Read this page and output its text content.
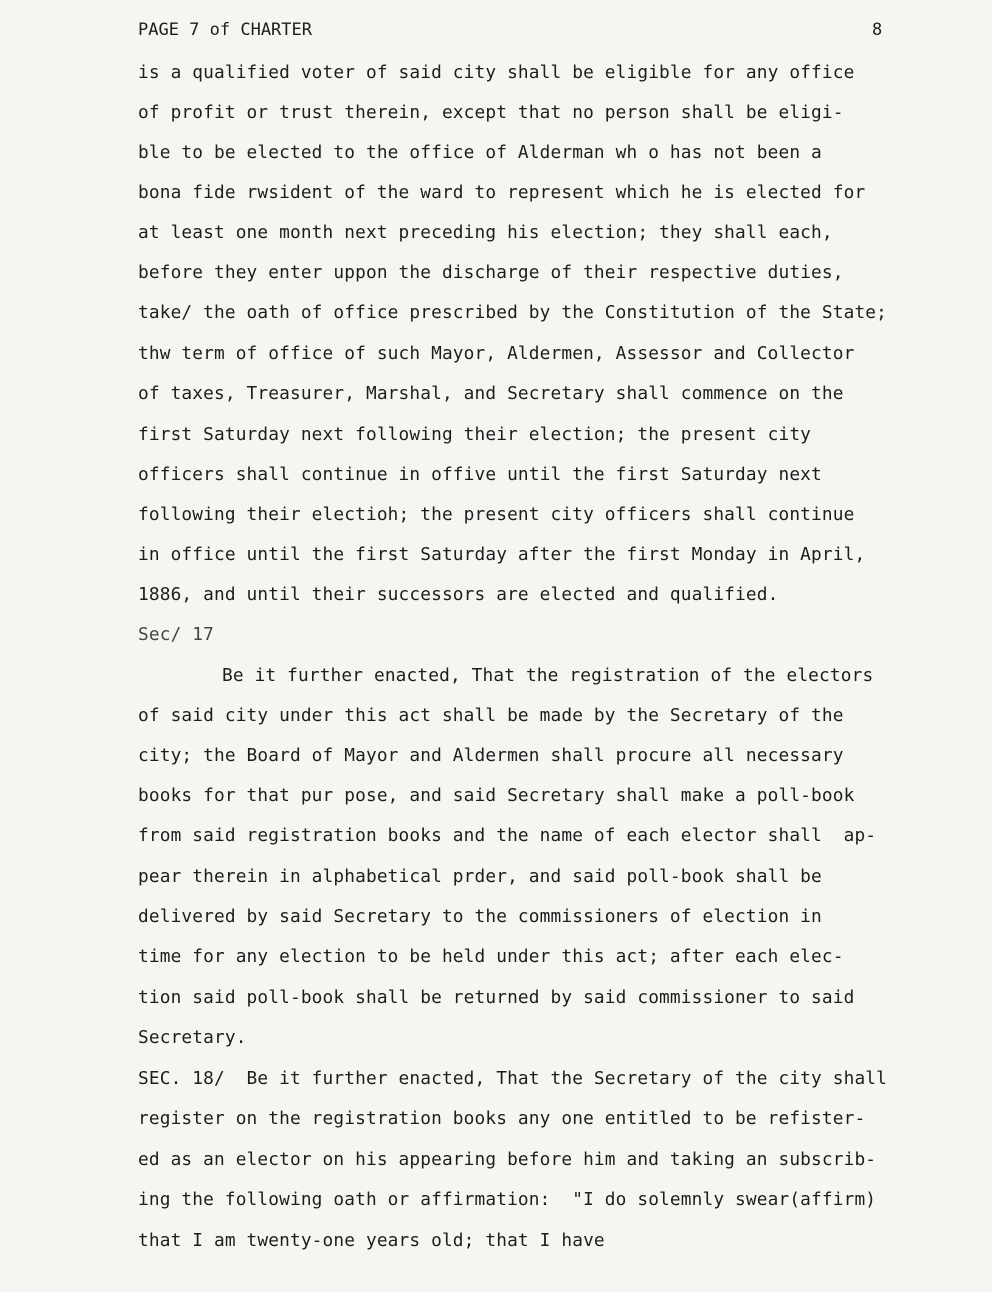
PAGE 7 of CHARTER	8
is a qualified voter of said city shall be eligible for any office
of profit or trust therein, except that no person shall be eligi-
ble to be elected to the office of Alderman wh o has not been a
bona fide rwsident of the ward to represent which he is elected for
at least one month next preceding his election; they shall each,
before they enter uppon the discharge of their respective duties,
take/ the oath of office prescribed by the Constitution of the State;
thw term of office of such Mayor, Aldermen, Assessor and Collector
of taxes, Treasurer, Marshal, and Secretary shall commence on the
first Saturday next following their election; the present city
officers shall continue in offive until the first Saturday next
following their electioh; the present city officers shall continue
in office until the first Saturday after the first Monday in April,
1886, and until their successors are elected and qualified.
Sec/ 17
Be it further enacted, That the registration of the electors
of said city under this act shall be made by the Secretary of the
city; the Board of Mayor and Aldermen shall procure all necessary
books for that pur pose, and said Secretary shall make a poll-book
from said registration books and the name of each elector shall  ap-
pear therein in alphabetical prder, and said poll-book shall be
delivered by said Secretary to the commissioners of election in
time for any election to be held under this act; after each elec-
tion said poll-book shall be returned by said commissioner to said
Secretary.
SEC. 18/  Be it further enacted, That the Secretary of the city shall
register on the registration books any one entitled to be refister-
ed as an elector on his appearing before him and taking an subscrib-
ing the following oath or affirmation:  "I do solemnly swear(affirm)
that I am twenty-one years old; that I have
